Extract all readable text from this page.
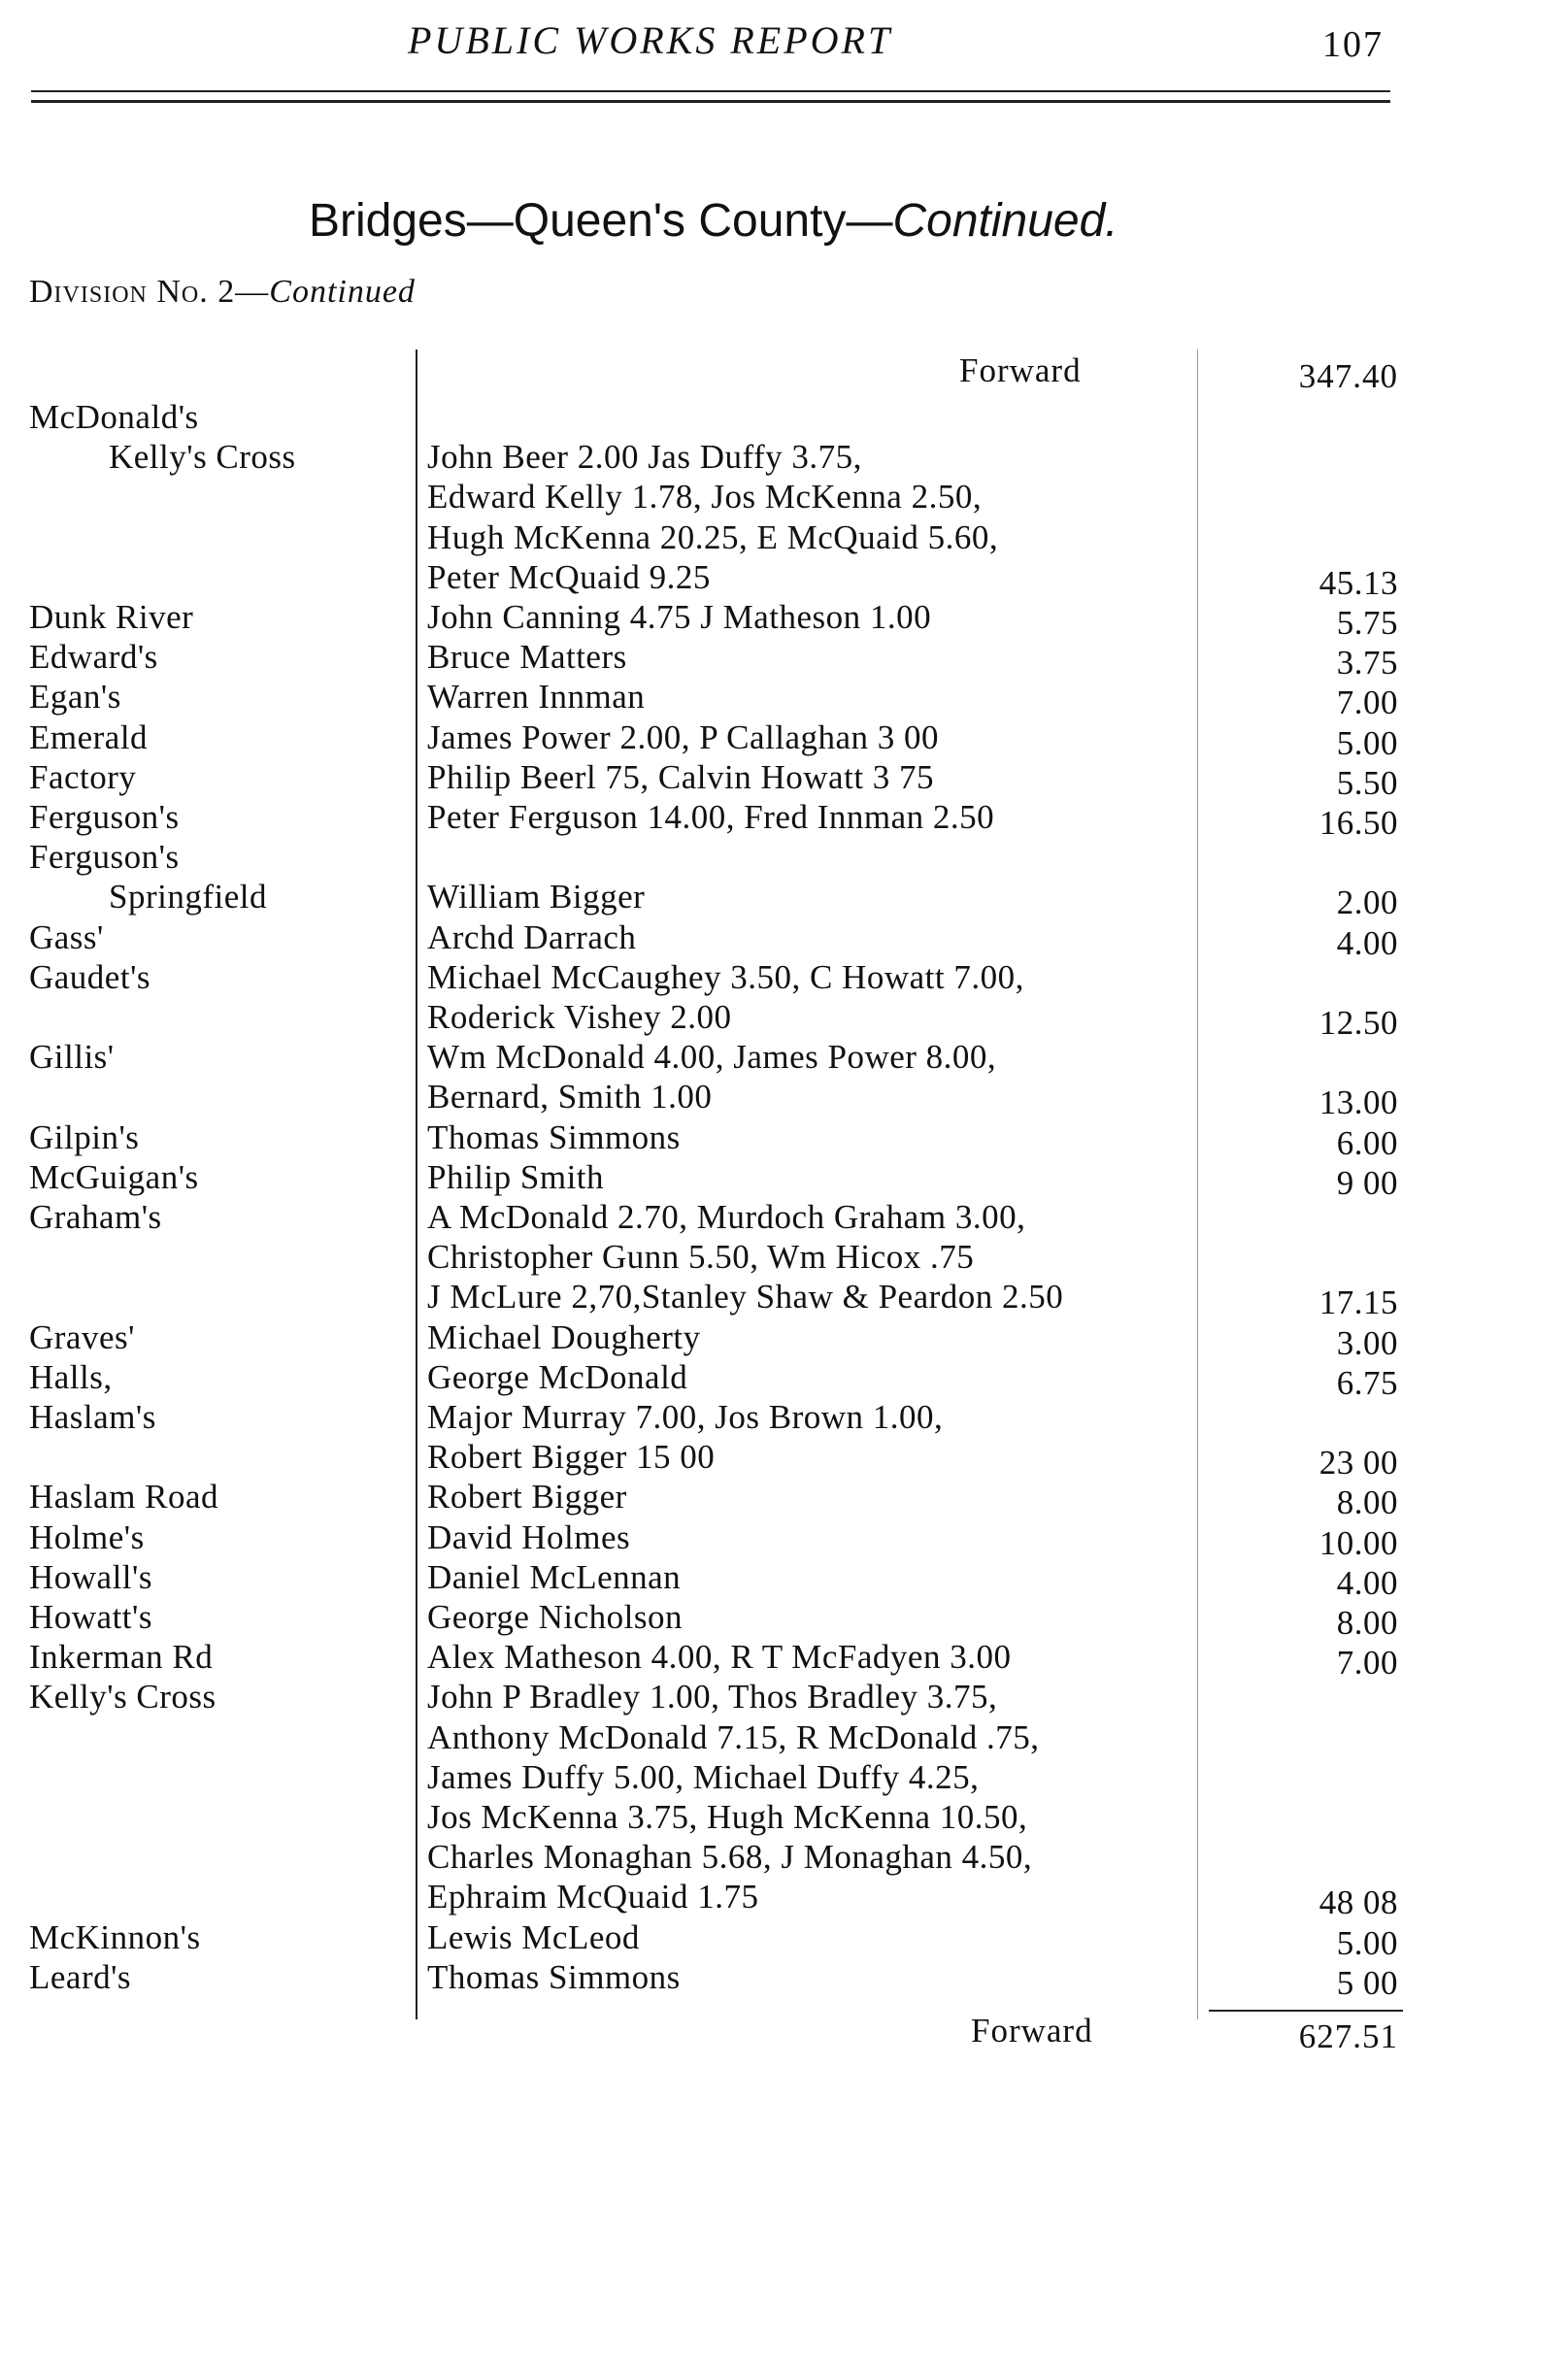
PUBLIC WORKS REPORT	107
Bridges—Queen's County—Continued.
Division No. 2—Continued
Forward	347.40
McDonald's
Kelly's Cross	John Beer 2.00 Jas Duffy 3.75,
Edward Kelly 1.78, Jos McKenna 2.50,
Hugh McKenna 20.25, E McQuaid 5.60,
Peter McQuaid 9.25	45.13
Dunk River	John Canning 4.75 J Matheson 1.00	5.75
Edward's	Bruce Matters	3.75
Egan's	Warren Innman	7.00
Emerald	James Power 2.00, P Callaghan 3 00	5.00
Factory	Philip Beerl 75, Calvin Howatt 3 75	5.50
Ferguson's	Peter Ferguson 14.00, Fred Innman 2.50	16.50
Ferguson's
Springfield	William Bigger	2.00
Gass'	Archd Darrach	4.00
Gaudet's	Michael McCaughey 3.50, C Howatt 7.00,
Roderick Vishey 2.00	12.50
Gillis'	Wm McDonald 4.00, James Power 8.00,
Bernard, Smith 1.00	13.00
Gilpin's	Thomas Simmons	6.00
McGuigan's	Philip Smith	9 00
Graham's	A McDonald 2.70, Murdoch Graham 3.00,
Christopher Gunn 5.50, Wm Hicox .75
J McLure 2,70,Stanley Shaw & Peardon 2.50	17.15
Graves'	Michael Dougherty	3.00
Halls,	George McDonald	6.75
Haslam's	Major Murray 7.00, Jos Brown 1.00,
Robert Bigger 15 00	23 00
Haslam Road	Robert Bigger	8.00
Holme's	David Holmes	10.00
Howall's	Daniel McLennan	4.00
Howatt's	George Nicholson	8.00
Inkerman Rd	Alex Matheson 4.00, R T McFadyen 3.00	7.00
Kelly's Cross	John P Bradley 1.00, Thos Bradley 3.75,
Anthony McDonald 7.15, R McDonald .75,
James Duffy 5.00, Michael Duffy 4.25,
Jos McKenna 3.75, Hugh McKenna 10.50,
Charles Monaghan 5.68, J Monaghan 4.50,
Ephraim McQuaid 1.75	48 08
McKinnon's	Lewis McLeod	5.00
Leard's	Thomas Simmons	5 00
Forward	627.51
